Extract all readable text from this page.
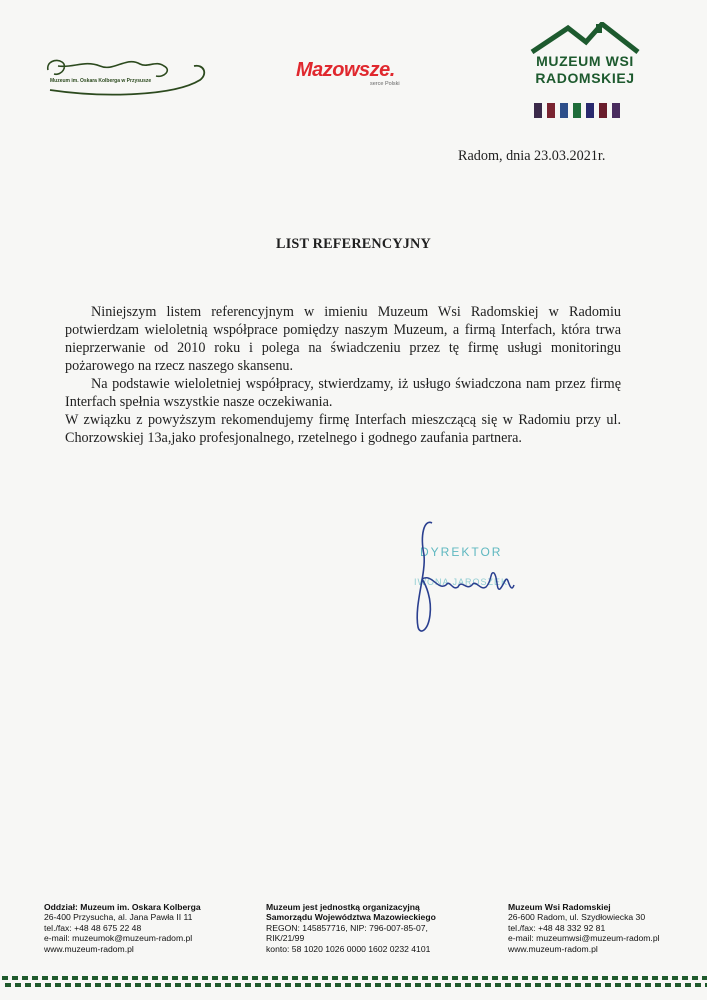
Muzeum im. Oskara Kolberga w Przysusze	Mazowsze.
serce Polski
MUZEUM WSI
RADOMSKIEJ
Radom, dnia 23.03.2021r.
LIST REFERENCYJNY

Niniejszym listem referencyjnym w imieniu Muzeum Wsi Radomskiej w Radomiu potwierdzam wieloletnią współprace pomiędzy naszym Muzeum, a firmą Interfach, która trwa nieprzerwanie od 2010 roku i polega na świadczeniu przez tę firmę usługi monitoringu pożarowego na rzecz naszego skansenu.

Na podstawie wieloletniej współpracy, stwierdzamy, iż usługo świadczona nam przez firmę Interfach spełnia wszystkie nasze oczekiwania.

W związku z powyższym rekomendujemy firmę Interfach mieszczącą się w Radomiu przy ul. Chorzowskiej 13a,jako profesjonalnego, rzetelnego i godnego zaufania partnera.

DYREKTOR
IWONA JAROSZEK
Oddział: Muzeum im. Oskara Kolberga
26-400 Przysucha, al. Jana Pawła II 11
tel./fax: +48 48 675 22 48
e-mail: muzeumok@muzeum-radom.pl
www.muzeum-radom.pl
Muzeum jest jednostką organizacyjną
Samorządu Województwa Mazowieckiego
REGON: 145857716, NIP: 796-007-85-07,
RIK/21/99
konto: 58 1020 1026 0000 1602 0232 4101
Muzeum Wsi Radomskiej
26-600 Radom, ul. Szydłowiecka 30
tel./fax: +48 48 332 92 81
e-mail: muzeumwsi@muzeum-radom.pl
www.muzeum-radom.pl
